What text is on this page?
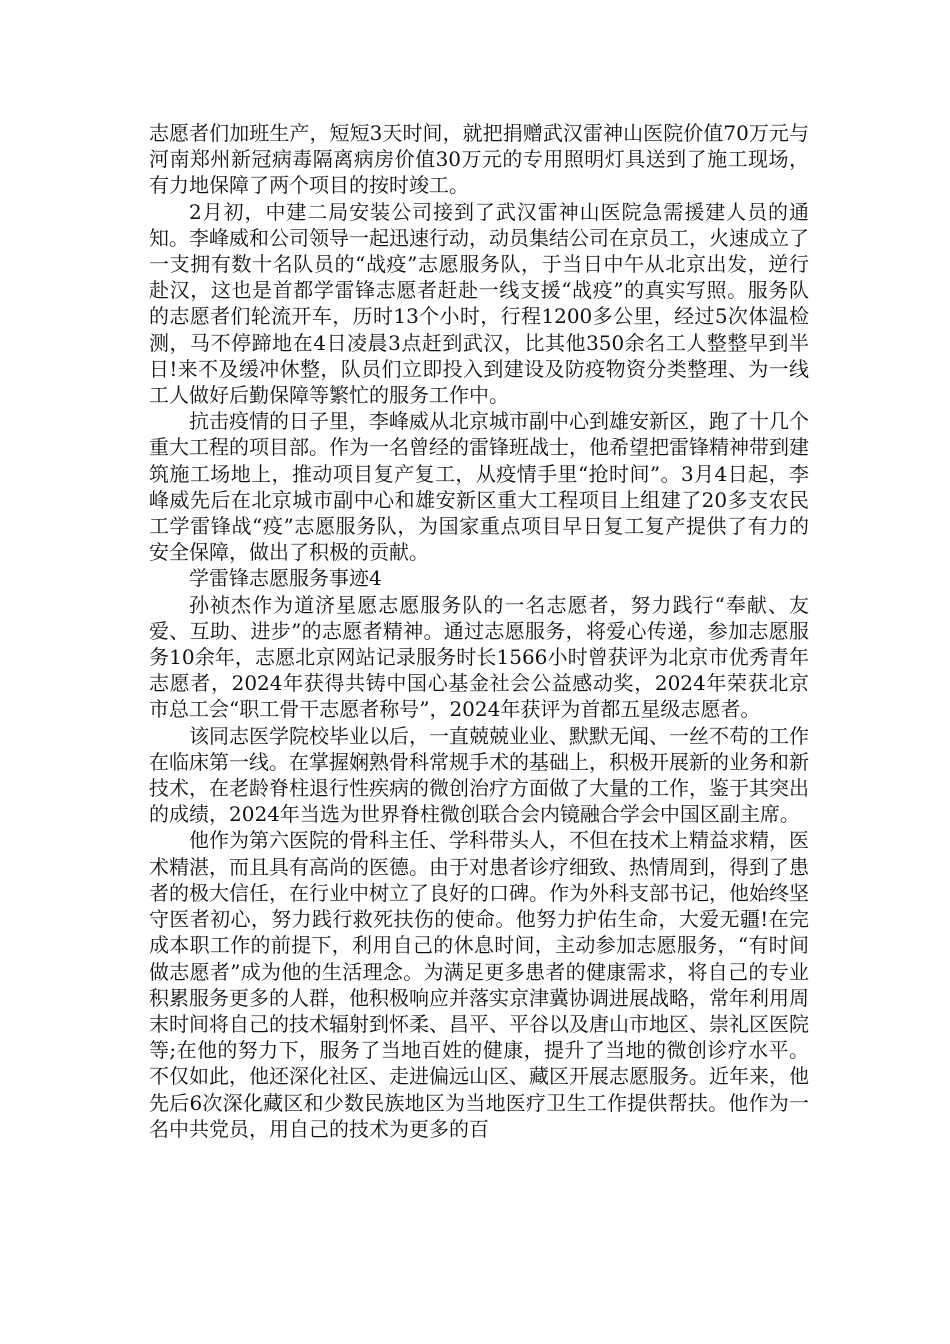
志愿者们加班生产，短短3天时间，就把捐赠武汉雷神山医院价值70万元与河南郑州新冠病毒隔离病房价值30万元的专用照明灯具送到了施工现场，有力地保障了两个项目的按时竣工。

2月初，中建二局安装公司接到了武汉雷神山医院急需援建人员的通知。李峰威和公司领导一起迅速行动，动员集结公司在京员工，火速成立了一支拥有数十名队员的“战疫”志愿服务队，于当日中午从北京出发，逆行赴汉，这也是首都学雷锋志愿者赶赴一线支援“战疫”的真实写照。服务队的志愿者们轮流开车，历时13个小时，行程1200多公里，经过5次体温检测，马不停蹄地在4日凌晨3点赶到武汉，比其他350余名工人整整早到半日!来不及缓冲休整，队员们立即投入到建设及防疫物资分类整理、为一线工人做好后勤保障等繁忙的服务工作中。

抗击疫情的日子里，李峰威从北京城市副中心到雄安新区，跑了十几个重大工程的项目部。作为一名曾经的雷锋班战士，他希望把雷锋精神带到建筑施工场地上，推动项目复产复工，从疫情手里“抢时间”。3月4日起，李峰威先后在北京城市副中心和雄安新区重大工程项目上组建了20多支农民工学雷锋战“疫”志愿服务队，为国家重点项目早日复工复产提供了有力的安全保障，做出了积极的贡献。

学雷锋志愿服务事迹4

孙祯杰作为道济星愿志愿服务队的一名志愿者，努力践行“奉献、友爱、互助、进步”的志愿者精神。通过志愿服务，将爱心传递，参加志愿服务10余年，志愿北京网站记录服务时长1566小时曾获评为北京市优秀青年志愿者，2024年获得共铸中国心基金社会公益感动奖，2024年荣获北京市总工会“职工骨干志愿者称号”，2024年获评为首都五星级志愿者。

该同志医学院校毕业以后，一直兢兢业业、默默无闻、一丝不苟的工作在临床第一线。在掌握娴熟骨科常规手术的基础上，积极开展新的业务和新技术，在老龄脊柱退行性疾病的微创治疗方面做了大量的工作，鉴于其突出的成绩，2024年当选为世界脊柱微创联合会内镜融合学会中国区副主席。

他作为第六医院的骨科主任、学科带头人，不但在技术上精益求精，医术精湛，而且具有高尚的医德。由于对患者诊疗细致、热情周到，得到了患者的极大信任，在行业中树立了良好的口碑。作为外科支部书记，他始终坚守医者初心，努力践行救死扶伤的使命。他努力护佑生命，大爱无疆!在完成本职工作的前提下，利用自己的休息时间，主动参加志愿服务，“有时间做志愿者”成为他的生活理念。为满足更多患者的健康需求，将自己的专业积累服务更多的人群，他积极响应并落实京津冀协调进展战略，常年利用周末时间将自己的技术辐射到怀柔、昌平、平谷以及唐山市地区、崇礼区医院等;在他的努力下，服务了当地百姓的健康，提升了当地的微创诊疗水平。不仅如此，他还深化社区、走进偏远山区、藏区开展志愿服务。近年来，他先后6次深化藏区和少数民族地区为当地医疗卫生工作提供帮扶。他作为一名中共党员，用自己的技术为更多的百
